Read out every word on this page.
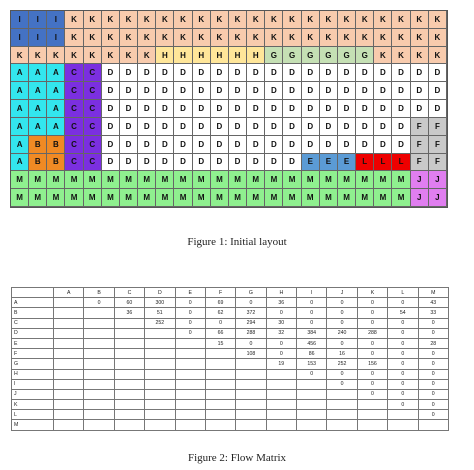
I	I	I	K	K	K	K	K	K	K	K	K	K	K	K	K	K	K	K	K	K	K	K	K
I	I	I	K	K	K	K	K	K	K	K	K	K	K	K	K	K	K	K	K	K	K	K	K
K	K	K	K	K	K	K	K	H	H	H	H	H	H	G	G	G	G	G	G	K	K	K	K
A	A	A	C	C	D	D	D	D	D	D	D	D	D	D	D	D	D	D	D	D	D	D	D
A	A	A	C	C	D	D	D	D	D	D	D	D	D	D	D	D	D	D	D	D	D	D	D
A	A	A	C	C	D	D	D	D	D	D	D	D	D	D	D	D	D	D	D	D	D	D	D
A	A	A	C	C	D	D	D	D	D	D	D	D	D	D	D	D	D	D	D	D	D	F	F
A	B	B	C	C	D	D	D	D	D	D	D	D	D	D	D	D	D	D	D	D	D	F	F
A	B	B	C	C	D	D	D	D	D	D	D	D	D	D	D	E	E	E	L	L	L	F	F
M	M	M	M	M	M	M	M	M	M	M	M	M	M	M	M	M	M	M	M	M	M	J	J
M	M	M	M	M	M	M	M	M	M	M	M	M	M	M	M	M	M	M	M	M	M	J	J
Figure 1: Initial layout
	A	B	C	D	E	F	G	H	I	J	K	L	M
A		0	60	300	0	69	0	36	0	0	0	0	43
B			36	51	0	62	372	0	0	0	0	54	33
C				252	0	0	294	30	0	0	0	0	0
D					0	66	288	32	384	240	288	0	0
E						15	0	0	456	0	0	0	28
F							108	0	86	16	0	0	0
G								19	153	252	156	0	0
H									0	0	0	0	0
I										0	0	0	0
J											0	0	0
K												0	0
L													0
M													
Figure 2: Flow Matrix
